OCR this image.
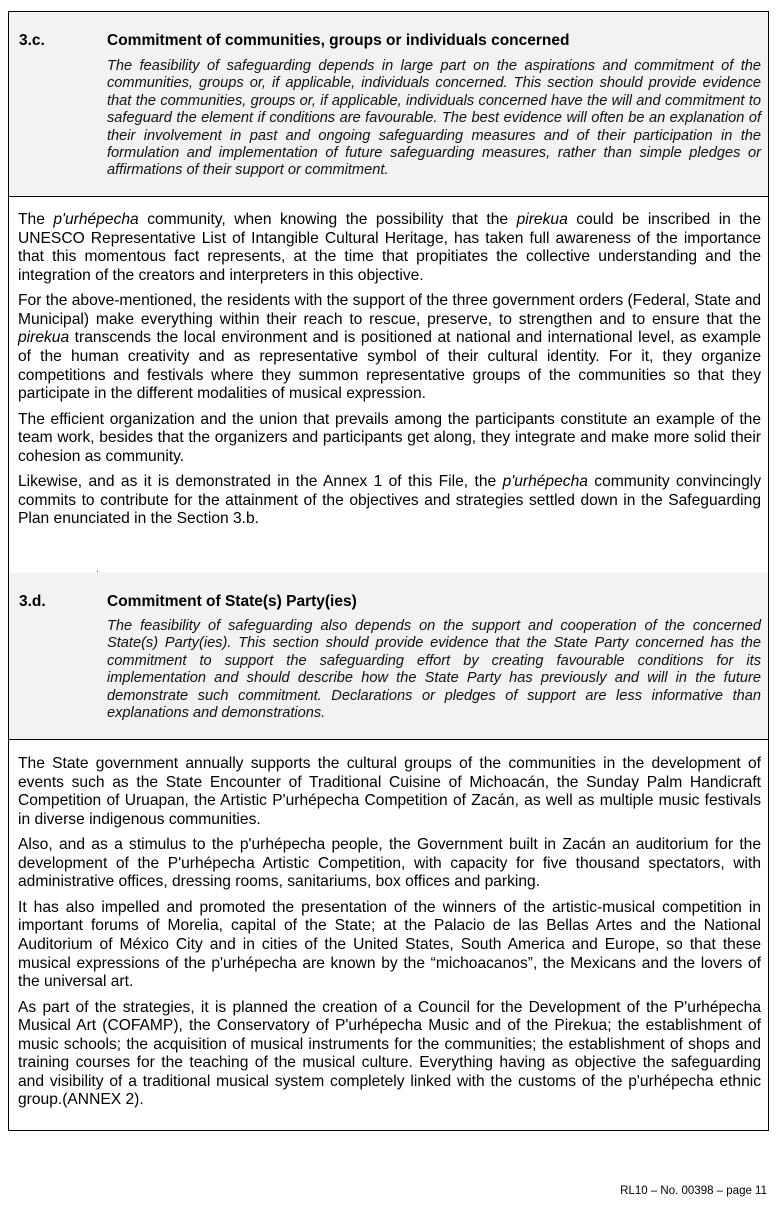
3.c.	Commitment of communities, groups or individuals concerned

The feasibility of safeguarding depends in large part on the aspirations and commitment of the communities, groups or, if applicable, individuals concerned. This section should provide evidence that the communities, groups or, if applicable, individuals concerned have the will and commitment to safeguard the element if conditions are favourable. The best evidence will often be an explanation of their involvement in past and ongoing safeguarding measures and of their participation in the formulation and implementation of future safeguarding measures, rather than simple pledges or affirmations of their support or commitment.

The p'urhépecha community, when knowing the possibility that the pirekua could be inscribed in the UNESCO Representative List of Intangible Cultural Heritage, has taken full awareness of the importance that this momentous fact represents, at the time that propitiates the collective understanding and the integration of the creators and interpreters in this objective.

For the above-mentioned, the residents with the support of the three government orders (Federal, State and Municipal) make everything within their reach to rescue, preserve, to strengthen and to ensure that the pirekua transcends the local environment and is positioned at national and international level, as example of the human creativity and as representative symbol of their cultural identity. For it, they organize competitions and festivals where they summon representative groups of the communities so that they participate in the different modalities of musical expression.

The efficient organization and the union that prevails among the participants constitute an example of the team work, besides that the organizers and participants get along, they integrate and make more solid their cohesion as community.

Likewise, and as it is demonstrated in the Annex 1 of this File, the p'urhépecha community convincingly commits to contribute for the attainment of the objectives and strategies settled down in the Safeguarding Plan enunciated in the Section 3.b.

3.d.	Commitment of State(s) Party(ies)

The feasibility of safeguarding also depends on the support and cooperation of the concerned State(s) Party(ies). This section should provide evidence that the State Party concerned has the commitment to support the safeguarding effort by creating favourable conditions for its implementation and should describe how the State Party has previously and will in the future demonstrate such commitment. Declarations or pledges of support are less informative than explanations and demonstrations.

The State government annually supports the cultural groups of the communities in the development of events such as the State Encounter of Traditional Cuisine of Michoacán, the Sunday Palm Handicraft Competition of Uruapan, the Artistic P'urhépecha Competition of Zacán, as well as multiple music festivals in diverse indigenous communities.

Also, and as a stimulus to the p'urhépecha people, the Government built in Zacán an auditorium for the development of the P'urhépecha Artistic Competition, with capacity for five thousand spectators, with administrative offices, dressing rooms, sanitariums, box offices and parking.

It has also impelled and promoted the presentation of the winners of the artistic-musical competition in important forums of Morelia, capital of the State; at the Palacio de las Bellas Artes and the National Auditorium of México City and in cities of the United States, South America and Europe, so that these musical expressions of the p'urhépecha are known by the “michoacanos”, the Mexicans and the lovers of the universal art.

As part of the strategies, it is planned the creation of a Council for the Development of the P'urhépecha Musical Art (COFAMP), the Conservatory of P'urhépecha Music and of the Pirekua; the establishment of music schools; the acquisition of musical instruments for the communities; the establishment of shops and training courses for the teaching of the musical culture. Everything having as objective the safeguarding and visibility of a traditional musical system completely linked with the customs of the p'urhépecha ethnic group.(ANNEX 2).

RL10 – No. 00398 – page 11
